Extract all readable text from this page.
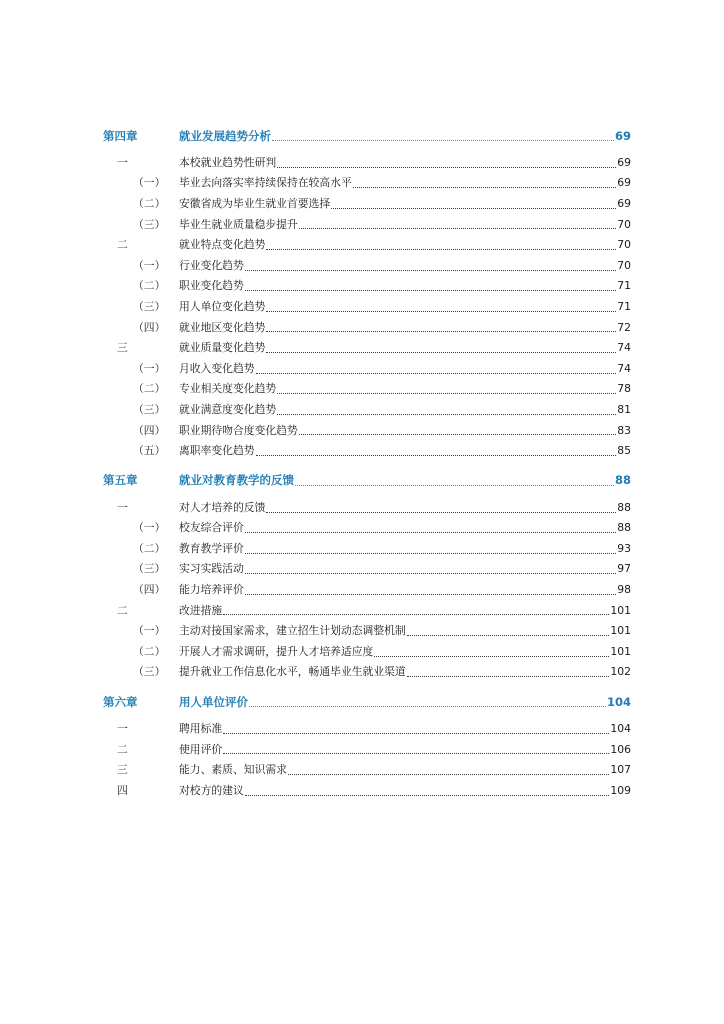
第四章	就业发展趋势分析	69
一	本校就业趋势性研判	69
（一） 毕业去向落实率持续保持在较高水平	69
（二） 安徽省成为毕业生就业首要选择	69
（三） 毕业生就业质量稳步提升	70
二	就业特点变化趋势	70
（一） 行业变化趋势	70
（二） 职业变化趋势	71
（三） 用人单位变化趋势	71
（四） 就业地区变化趋势	72
三	就业质量变化趋势	74
（一） 月收入变化趋势	74
（二） 专业相关度变化趋势	78
（三） 就业满意度变化趋势	81
（四） 职业期待吻合度变化趋势	83
（五） 离职率变化趋势	85
第五章	就业对教育教学的反馈	88
一	对人才培养的反馈	88
（一） 校友综合评价	88
（二） 教育教学评价	93
（三） 实习实践活动	97
（四） 能力培养评价	98
二	改进措施	101
（一） 主动对接国家需求，建立招生计划动态调整机制	101
（二） 开展人才需求调研，提升人才培养适应度	101
（三） 提升就业工作信息化水平，畅通毕业生就业渠道	102
第六章	用人单位评价	104
一	聘用标准	104
二	使用评价	106
三	能力、素质、知识需求	107
四	对校方的建议	109
